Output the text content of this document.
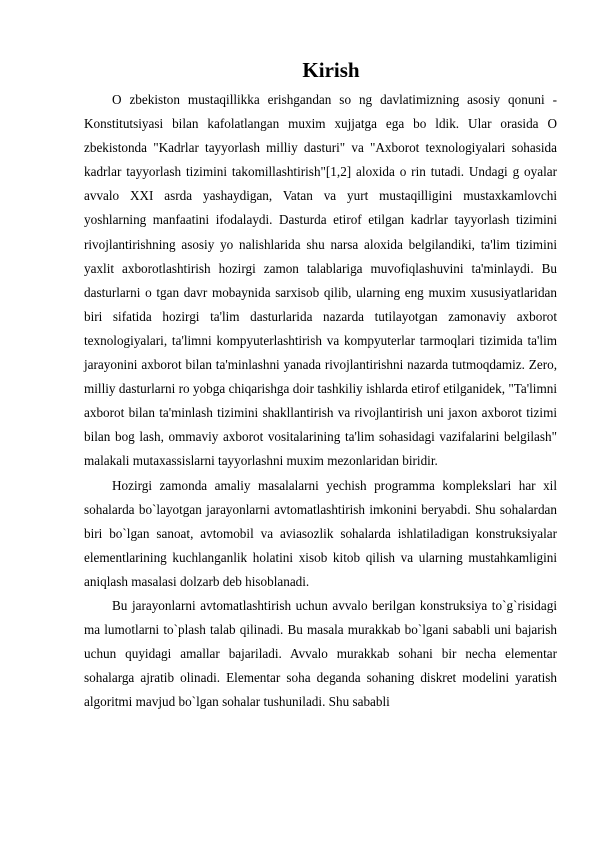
Kirish

O zbekiston mustaqillikka erishgandan so ng davlatimizning asosiy qonuni - Konstitutsiyasi bilan kafolatlangan muxim xujjatga ega bo ldik. Ular orasida O zbekistonda "Kadrlar tayyorlash milliy dasturi" va "Axborot texnologiyalari sohasida kadrlar tayyorlash tizimini takomillashtirish"[1,2] aloxida o rin tutadi. Undagi g oyalar avvalo XXI asrda yashaydigan, Vatan va yurt mustaqilligini mustaxkamlovchi yoshlarning manfaatini ifodalaydi. Dasturda etirof etilgan kadrlar tayyorlash tizimini rivojlantirishning asosiy yo nalishlarida shu narsa aloxida belgilandiki, ta'lim tizimini yaxlit axborotlashtirish hozirgi zamon talablariga muvofiqlashuvini ta'minlaydi. Bu dasturlarni o tgan davr mobaynida sarxisob qilib, ularning eng muxim xususiyatlaridan biri sifatida hozirgi ta'lim dasturlarida nazarda tutilayotgan zamonaviy axborot texnologiyalari, ta'limni kompyuterlashtirish va kompyuterlar tarmoqlari tizimida ta'lim jarayonini axborot bilan ta'minlashni yanada rivojlantirishni nazarda tutmoqdamiz. Zero, milliy dasturlarni ro yobga chiqarishga doir tashkiliy ishlarda etirof etilganidek, "Ta'limni axborot bilan ta'minlash tizimini shakllantirish va rivojlantirish uni jaxon axborot tizimi bilan bog lash, ommaviy axborot vositalarining ta'lim sohasidagi vazifalarini belgilash" malakali mutaxassislarni tayyorlashni muxim mezonlaridan biridir.

Hozirgi zamonda amaliy masalalarni yechish programma komplekslari har xil sohalarda bo`layotgan jarayonlarni avtomatlashtirish imkonini beryabdi. Shu sohalardan biri bo`lgan sanoat, avtomobil va aviasozlik sohalarda ishlatiladigan konstruksiyalar elementlarining kuchlanganlik holatini xisob kitob qilish va ularning mustahkamligini aniqlash masalasi dolzarb deb hisoblanadi.

Bu jarayonlarni avtomatlashtirish uchun avvalo berilgan konstruksiya to`g`risidagi ma lumotlarni to`plash talab qilinadi. Bu masala murakkab bo`lgani sababli uni bajarish uchun quyidagi amallar bajariladi. Avvalo murakkab sohani bir necha elementar sohalarga ajratib olinadi. Elementar soha deganda sohaning diskret modelini yaratish algoritmi mavjud bo`lgan sohalar tushuniladi. Shu sababli
